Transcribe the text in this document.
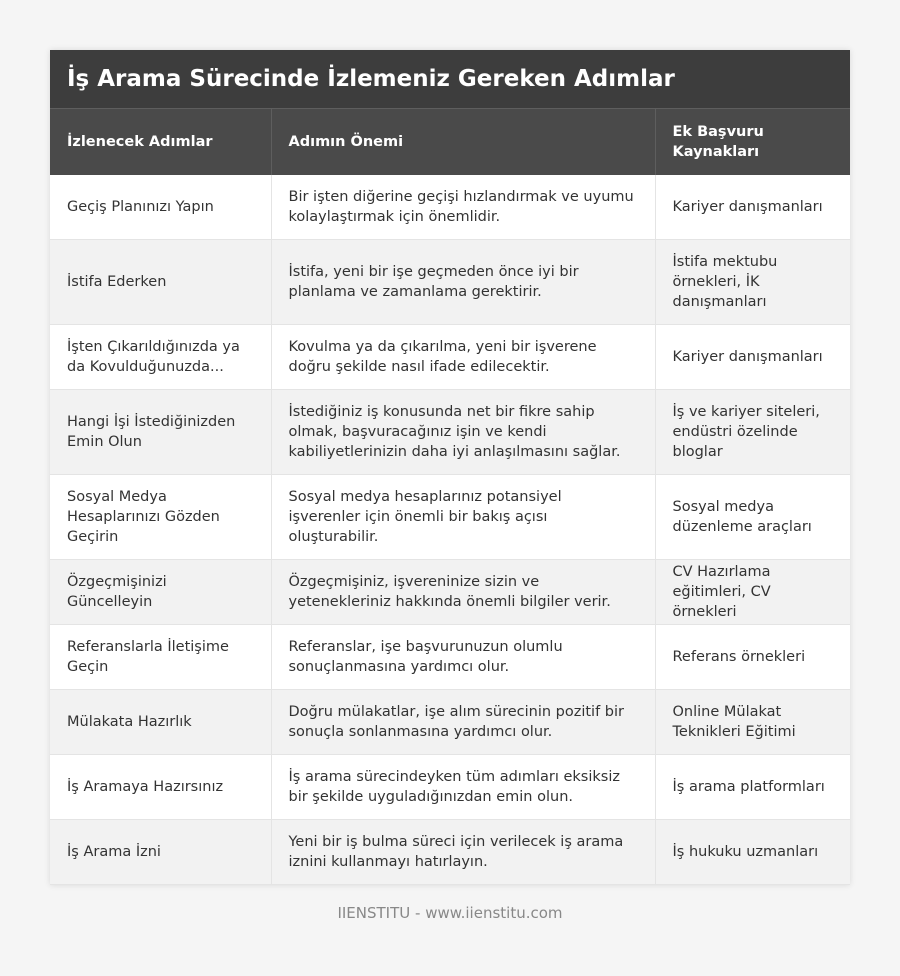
İş Arama Sürecinde İzlemeniz Gereken Adımlar
İzlenecek Adımlar	Adımın Önemi	Ek Başvuru Kaynakları
Geçiş Planınızı Yapın	Bir işten diğerine geçişi hızlandırmak ve uyumu kolaylaştırmak için önemlidir.	Kariyer danışmanları
İstifa Ederken	İstifa, yeni bir işe geçmeden önce iyi bir planlama ve zamanlama gerektirir.	İstifa mektubu örnekleri, İK danışmanları
İşten Çıkarıldığınızda ya da Kovulduğunuzda...	Kovulma ya da çıkarılma, yeni bir işverene doğru şekilde nasıl ifade edilecektir.	Kariyer danışmanları
Hangi İşi İstediğinizden Emin Olun	İstediğiniz iş konusunda net bir fikre sahip olmak, başvuracağınız işin ve kendi kabiliyetlerinizin daha iyi anlaşılmasını sağlar.	İş ve kariyer siteleri, endüstri özelinde bloglar
Sosyal Medya Hesaplarınızı Gözden Geçirin	Sosyal medya hesaplarınız potansiyel işverenler için önemli bir bakış açısı oluşturabilir.	Sosyal medya düzenleme araçları
Özgeçmişinizi Güncelleyin	Özgeçmişiniz, işvereninize sizin ve yetenekleriniz hakkında önemli bilgiler verir.	CV Hazırlama eğitimleri, CV örnekleri
Referanslarla İletişime Geçin	Referanslar, işe başvurunuzun olumlu sonuçlanmasına yardımcı olur.	Referans örnekleri
Mülakata Hazırlık	Doğru mülakatlar, işe alım sürecinin pozitif bir sonuçla sonlanmasına yardımcı olur.	Online Mülakat Teknikleri Eğitimi
İş Aramaya Hazırsınız	İş arama sürecindeyken tüm adımları eksiksiz bir şekilde uyguladığınızdan emin olun.	İş arama platformları
İş Arama İzni	Yeni bir iş bulma süreci için verilecek iş arama iznini kullanmayı hatırlayın.	İş hukuku uzmanları
IIENSTITU - www.iienstitu.com
